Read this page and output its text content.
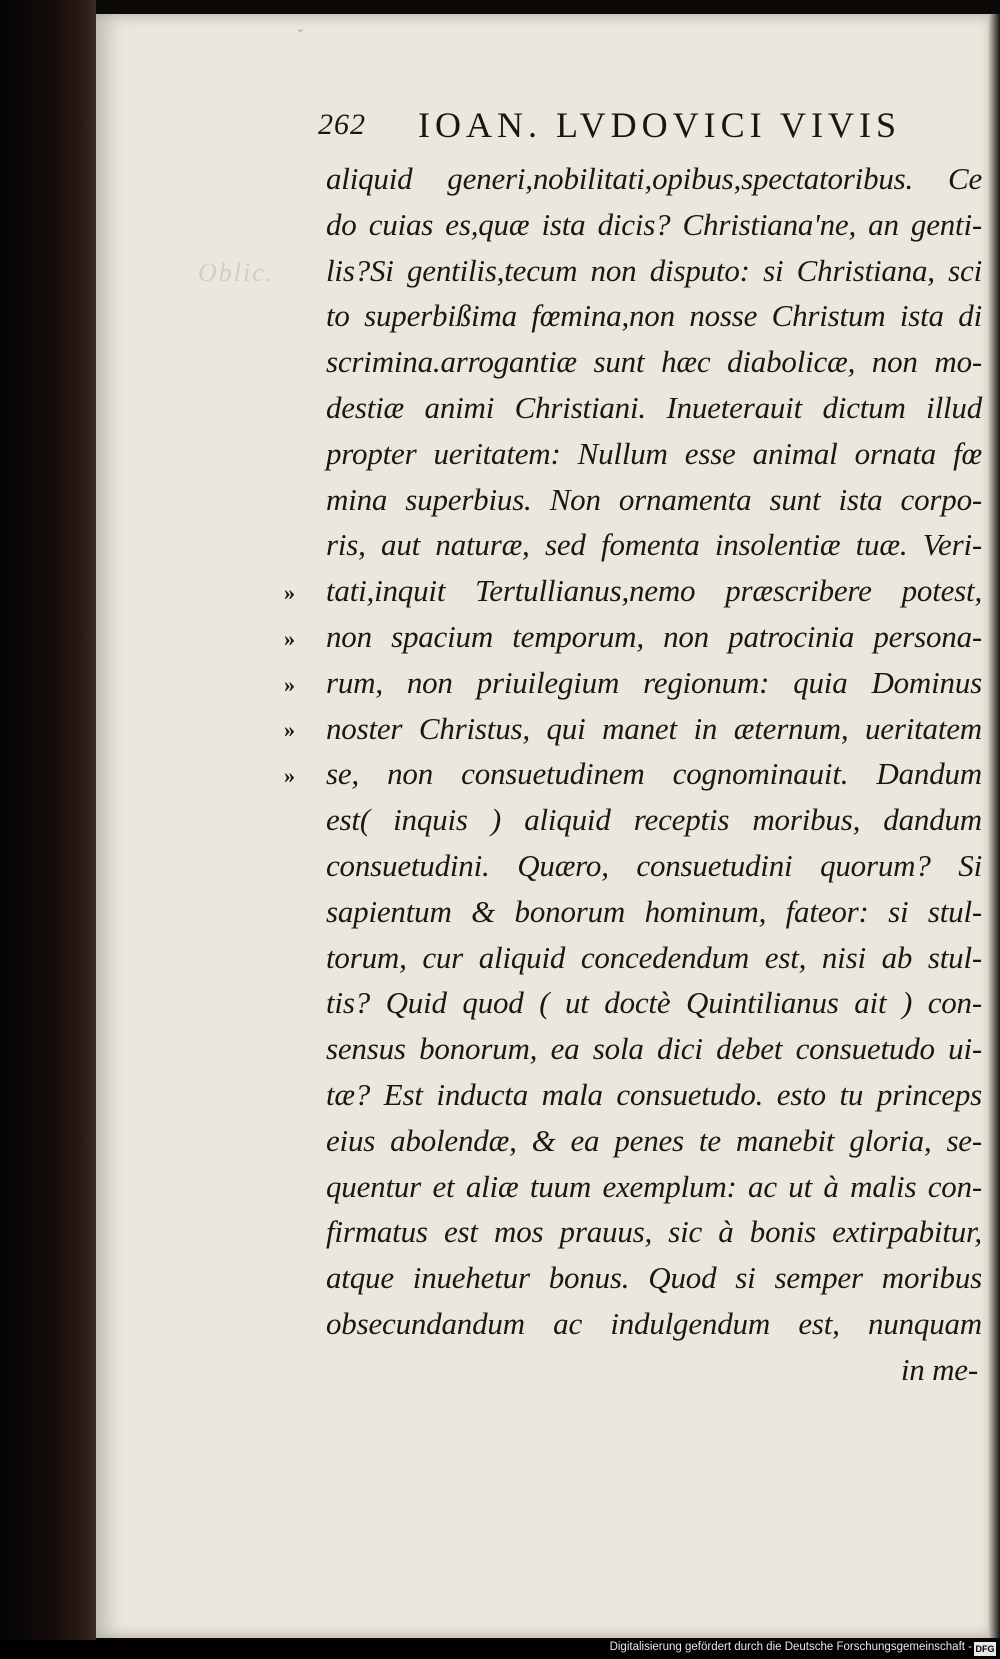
Oblic.
ˇ
262 IOAN. LVDOVICI VIVIS
»
»
»
»
»
aliquid generi,nobilitati,opibus,spectatoribus. Ce
do cuias es,quæ ista dicis? Christiana'ne, an genti-
lis?Si gentilis,tecum non disputo: si Christiana, sci
to superbißima fœmina,non nosse Christum ista di
scrimina.arrogantiæ sunt hæc diabolicæ, non mo-
destiæ animi Christiani. Inueterauit dictum illud
propter ueritatem: Nullum esse animal ornata fœ
mina superbius. Non ornamenta sunt ista corpo-
ris, aut naturæ, sed fomenta insolentiæ tuæ. Veri-
tati,inquit Tertullianus,nemo præscribere potest,
non spacium temporum, non patrocinia persona-
rum, non priuilegium regionum: quia Dominus
noster Christus, qui manet in æternum, ueritatem
se, non consuetudinem cognominauit. Dandum
est( inquis ) aliquid receptis moribus, dandum
consuetudini. Quæro, consuetudini quorum? Si
sapientum & bonorum hominum, fateor: si stul-
torum, cur aliquid concedendum est, nisi ab stul-
tis? Quid quod ( ut doctè Quintilianus ait ) con-
sensus bonorum, ea sola dici debet consuetudo ui-
tæ? Est inducta mala consuetudo. esto tu princeps
eius abolendæ, & ea penes te manebit gloria, se-
quentur et aliæ tuum exemplum: ac ut à malis con-
firmatus est mos prauus, sic à bonis extirpabitur,
atque inuehetur bonus. Quod si semper moribus
obsecundandum ac indulgendum est, nunquam
in me-
Digitalisierung gefördert durch die Deutsche Forschungsgemeinschaft - DFG
